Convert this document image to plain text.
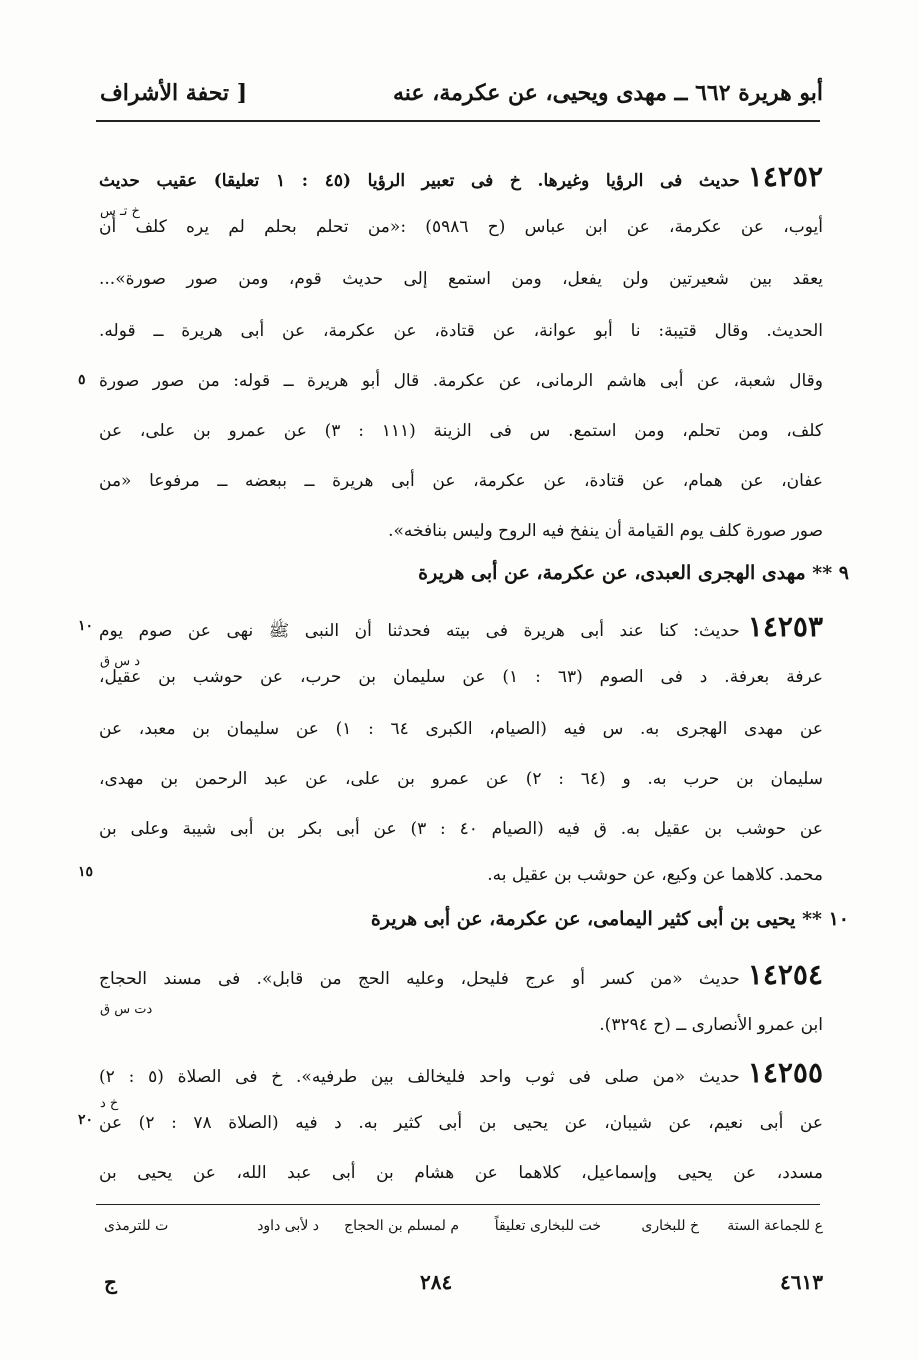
أبو هريرة ٦٦٢ ــ مهدى ويحيى، عن عكرمة، عنه
[ تحفة الأشراف
١٤٢٥٢حديث فى الرؤيا وغيرها. خ فى تعبير الرؤيا (٤٥ : ١ تعليقا) عقيب حديث
خ تـ س
أيوب، عن عكرمة، عن ابن عباس (ح ٥٩٨٦) :«من تحلم بحلم لم يره كلف أن
يعقد بين شعيرتين ولن يفعل، ومن استمع إلى حديث قوم، ومن صور صورة»...
الحديث. وقال قتيبة: نا أبو عوانة، عن قتادة، عن عكرمة، عن أبى هريرة ــ قوله.
وقال شعبة، عن أبى هاشم الرمانى، عن عكرمة. قال أبو هريرة ــ قوله: من صور صورة
كلف، ومن تحلم، ومن استمع. س فى الزينة (١١١ : ٣) عن عمرو بن على، عن
عفان، عن همام، عن قتادة، عن عكرمة، عن أبى هريرة ــ ببعضه ــ مرفوعا «من
صور صورة كلف يوم القيامة أن ينفخ فيه الروح وليس بنافخه».
٩ ** مهدى الهجرى العبدى، عن عكرمة، عن أبى هريرة
١٤٢٥٣حديث: كنا عند أبى هريرة فى بيته فحدثنا أن النبى ﷺ نهى عن صوم يوم
د س ق
عرفة بعرفة. د فى الصوم (٦٣ : ١) عن سليمان بن حرب، عن حوشب بن عقيل،
عن مهدى الهجرى به. س فيه (الصيام، الكبرى ٦٤ : ١) عن سليمان بن معبد، عن
سليمان بن حرب به. و (٦٤ : ٢) عن عمرو بن على، عن عبد الرحمن بن مهدى،
عن حوشب بن عقيل به. ق فيه (الصيام ٤٠ : ٣) عن أبى بكر بن أبى شيبة وعلى بن
محمد. كلاهما عن وكيع، عن حوشب بن عقيل به.
١٠ ** يحيى بن أبى كثير اليمامى، عن عكرمة، عن أبى هريرة
١٤٢٥٤حديث «من كسر أو عرج فليحل، وعليه الحج من قابل». فى مسند الحجاج
دت س ق
ابن عمرو الأنصارى ــ (ح ٣٢٩٤).
١٤٢٥٥حديث «من صلى فى ثوب واحد فليخالف بين طرفيه». خ فى الصلاة (٥ : ٢)
خ د
عن أبى نعيم، عن شيبان، عن يحيى بن أبى كثير به. د فيه (الصلاة ٧٨ : ٢) عن
مسدد، عن يحيى وإسماعيل، كلاهما عن هشام بن أبى عبد الله، عن يحيى بن
٥
١٠
١٥
٢٠
ع للجماعة الستة
خ للبخارى
خت للبخارى تعليقاً
م لمسلم بن الحجاج
د لأبى داود
ت للترمذى
ج	٢٨٤	٤٦١٣
